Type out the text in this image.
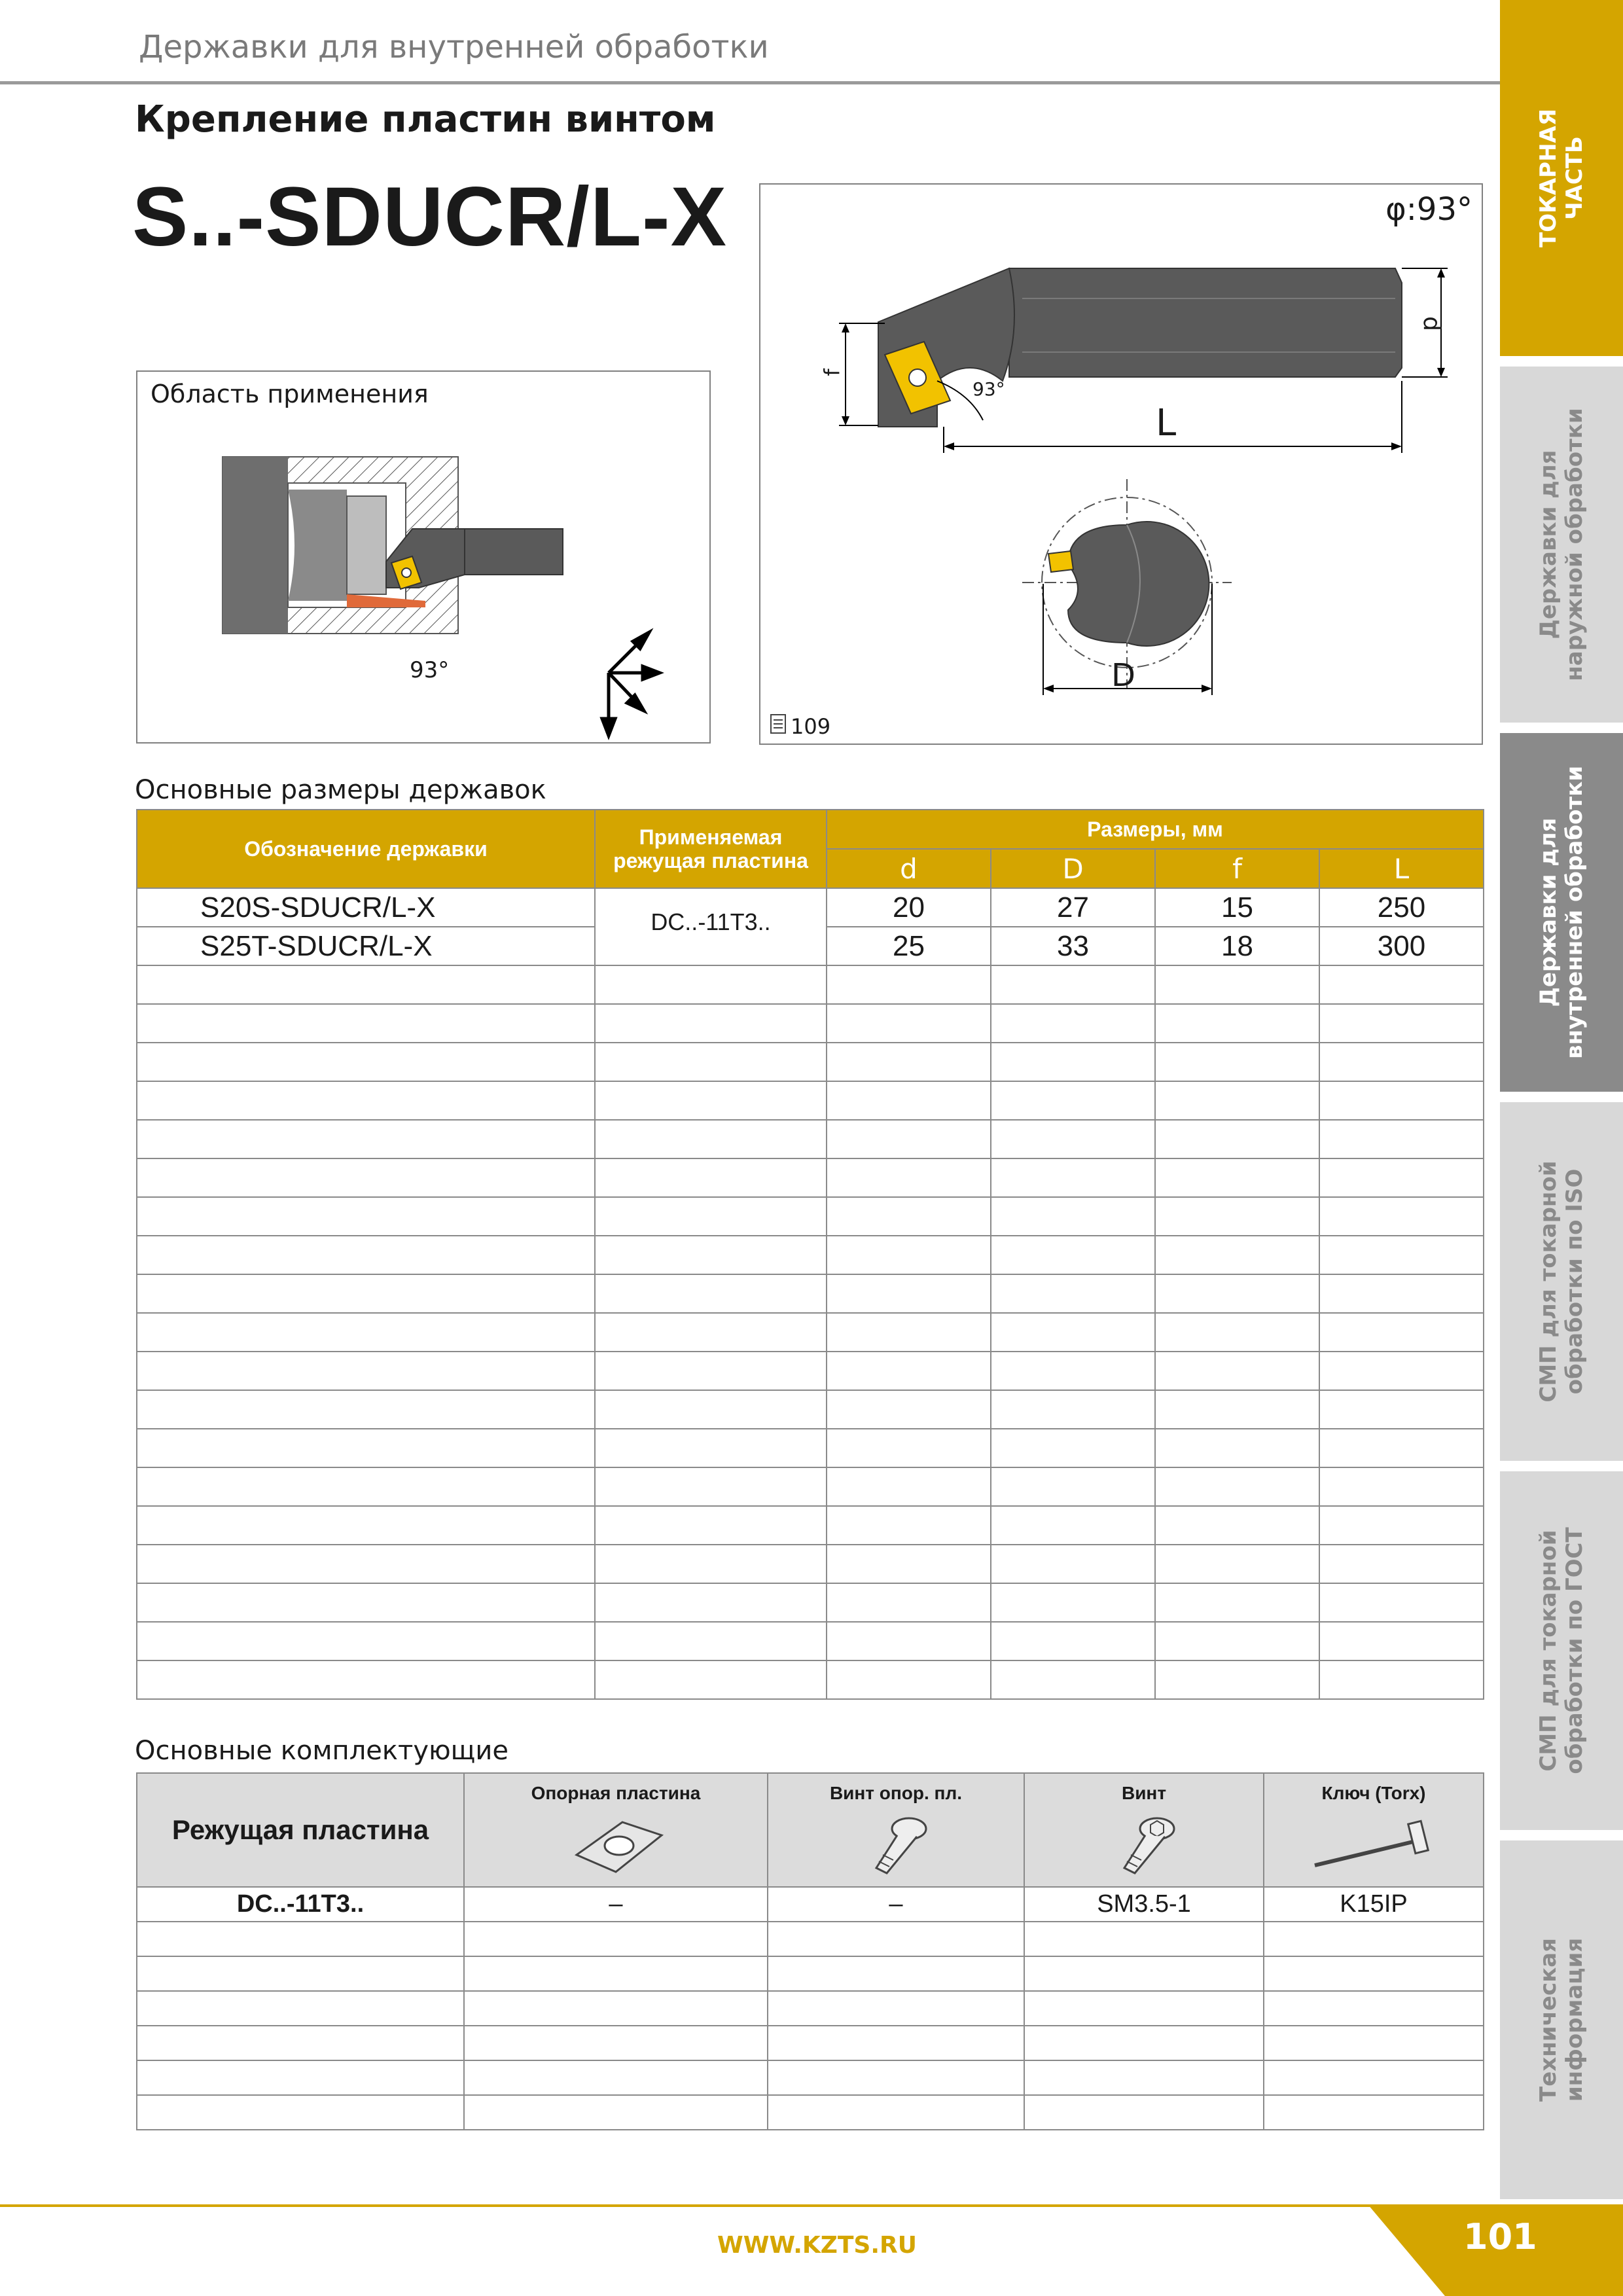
Державки для внутренней обработки
Крепление пластин винтом
S..-SDUCR/L-X	ТОКАРНАЯ
ЧАСТЬ
Державки для
наружной обработки
Державки для
внутренней обработки
СМП для токарной
обработки по ISO
СМП для токарной
обработки по ГОСТ
Техническая
информация
Область применения
93°
φ:93°
f
d
L
D
93°
109
Основные размеры державок
Обозначение державки	Применяемая режущая пластина	Размеры, мм			
		d	D	f	L
S20S-SDUCR/L-X	DC..-11T3..	20	27	15	250
S25T-SDUCR/L-X		25	33	18	300

Основные комплектующие
Режущая пластина	Опорная пластина	Винт опор. пл.	Винт	Ключ (Torx)

DC..-11T3..	–	–	SM3.5-1	K15IP

WWW.KZTS.RU	101
